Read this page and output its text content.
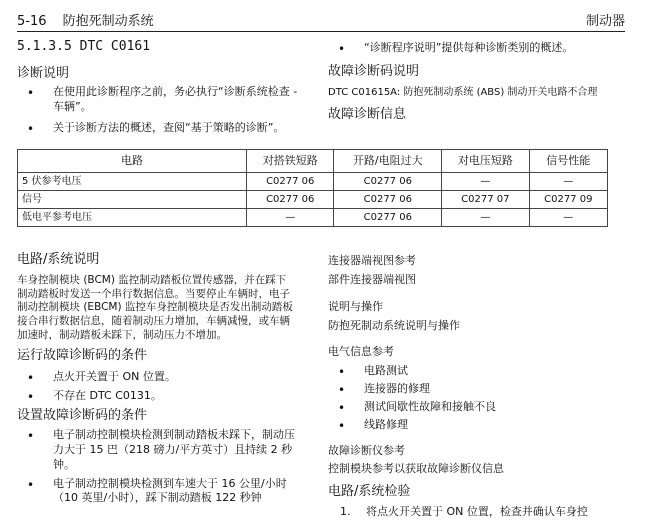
5-16 防抱死制动系统	制动器
5.1.3.5 DTC C0161
诊断说明

• 在使用此诊断程序之前，务必执行“诊断系统检查 - 车辆”。

• 关于诊断方法的概述，查阅“基于策略的诊断”。

• “诊断程序说明”提供每种诊断类别的概述。

故障诊断码说明

DTC C01615A: 防抱死制动系统 (ABS) 制动开关电路不合理

故障诊断信息
电路	对搭铁短路	开路/电阻过大	对电压短路	信号性能
5 伏参考电压	C0277 06	C0277 06	—	—
信号	C0277 06	C0277 06	C0277 07	C0277 09
低电平参考电压	—	C0277 06	—	—
电路/系统说明

车身控制模块 (BCM) 监控制动踏板位置传感器，并在踩下制动踏板时发送一个串行数据信息。当要停止车辆时，电子制动控制模块 (EBCM) 监控车身控制模块是否发出制动踏板接合串行数据信息，随着制动压力增加，车辆减慢，或车辆加速时，制动踏板未踩下，制动压力不增加。

运行故障诊断码的条件

• 点火开关置于 ON 位置。

• 不存在 DTC C0131。

设置故障诊断码的条件

• 电子制动控制模块检测到制动踏板未踩下，制动压力大于 15 巴（218 磅力/平方英寸）且持续 2 秒钟。

• 电子制动控制模块检测到车速大于 16 公里/小时（10 英里/小时），踩下制动踏板 122 秒钟

连接器端视图参考

部件连接器端视图

说明与操作

防抱死制动系统说明与操作

电气信息参考

• 电路测试

• 连接器的修理

• 测试间歇性故障和接触不良

• 线路修理

故障诊断仪参考

控制模块参考以获取故障诊断仪信息

电路/系统检验

1. 将点火开关置于 ON 位置，检查并确认车身控
